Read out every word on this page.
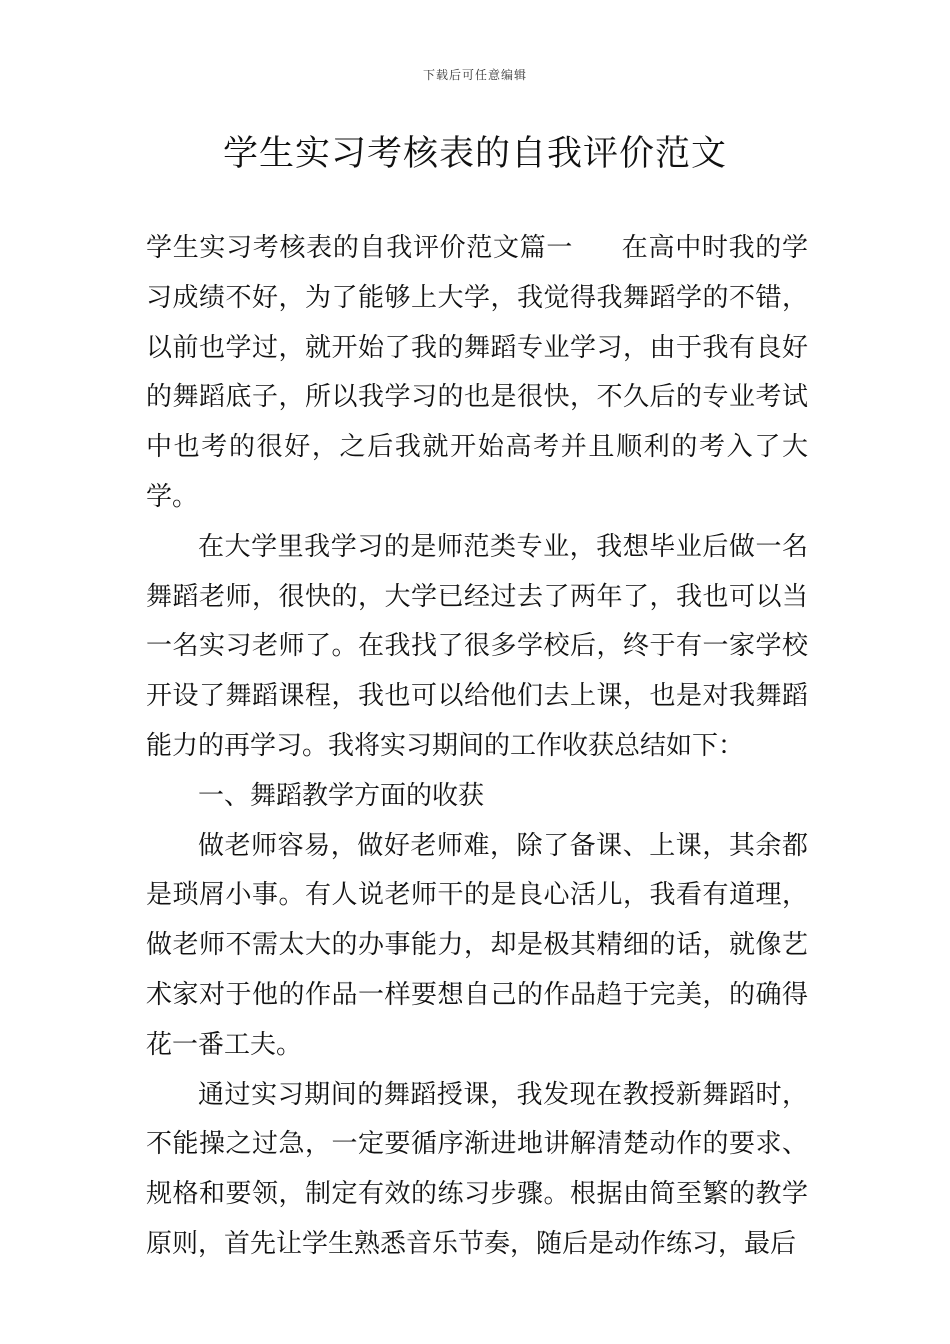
下载后可任意编辑
学生实习考核表的自我评价范文

学生实习考核表的自我评价范文篇一 在高中时我的学习成绩不好，为了能够上大学，我觉得我舞蹈学的不错，以前也学过，就开始了我的舞蹈专业学习，由于我有良好的舞蹈底子，所以我学习的也是很快，不久后的专业考试中也考的很好，之后我就开始高考并且顺利的考入了大学。

在大学里我学习的是师范类专业，我想毕业后做一名舞蹈老师，很快的，大学已经过去了两年了，我也可以当一名实习老师了。在我找了很多学校后，终于有一家学校开设了舞蹈课程，我也可以给他们去上课，也是对我舞蹈能力的再学习。我将实习期间的工作收获总结如下：

一、舞蹈教学方面的收获

做老师容易，做好老师难，除了备课、上课，其余都是琐屑小事。有人说老师干的是良心活儿，我看有道理，做老师不需太大的办事能力，却是极其精细的话，就像艺术家对于他的作品一样要想自己的作品趋于完美，的确得花一番工夫。

通过实习期间的舞蹈授课，我发现在教授新舞蹈时，不能操之过急，一定要循序渐进地讲解清楚动作的要求、规格和要领，制定有效的练习步骤。根据由简至繁的教学原则，首先让学生熟悉音乐节奏，随后是动作练习，最后
